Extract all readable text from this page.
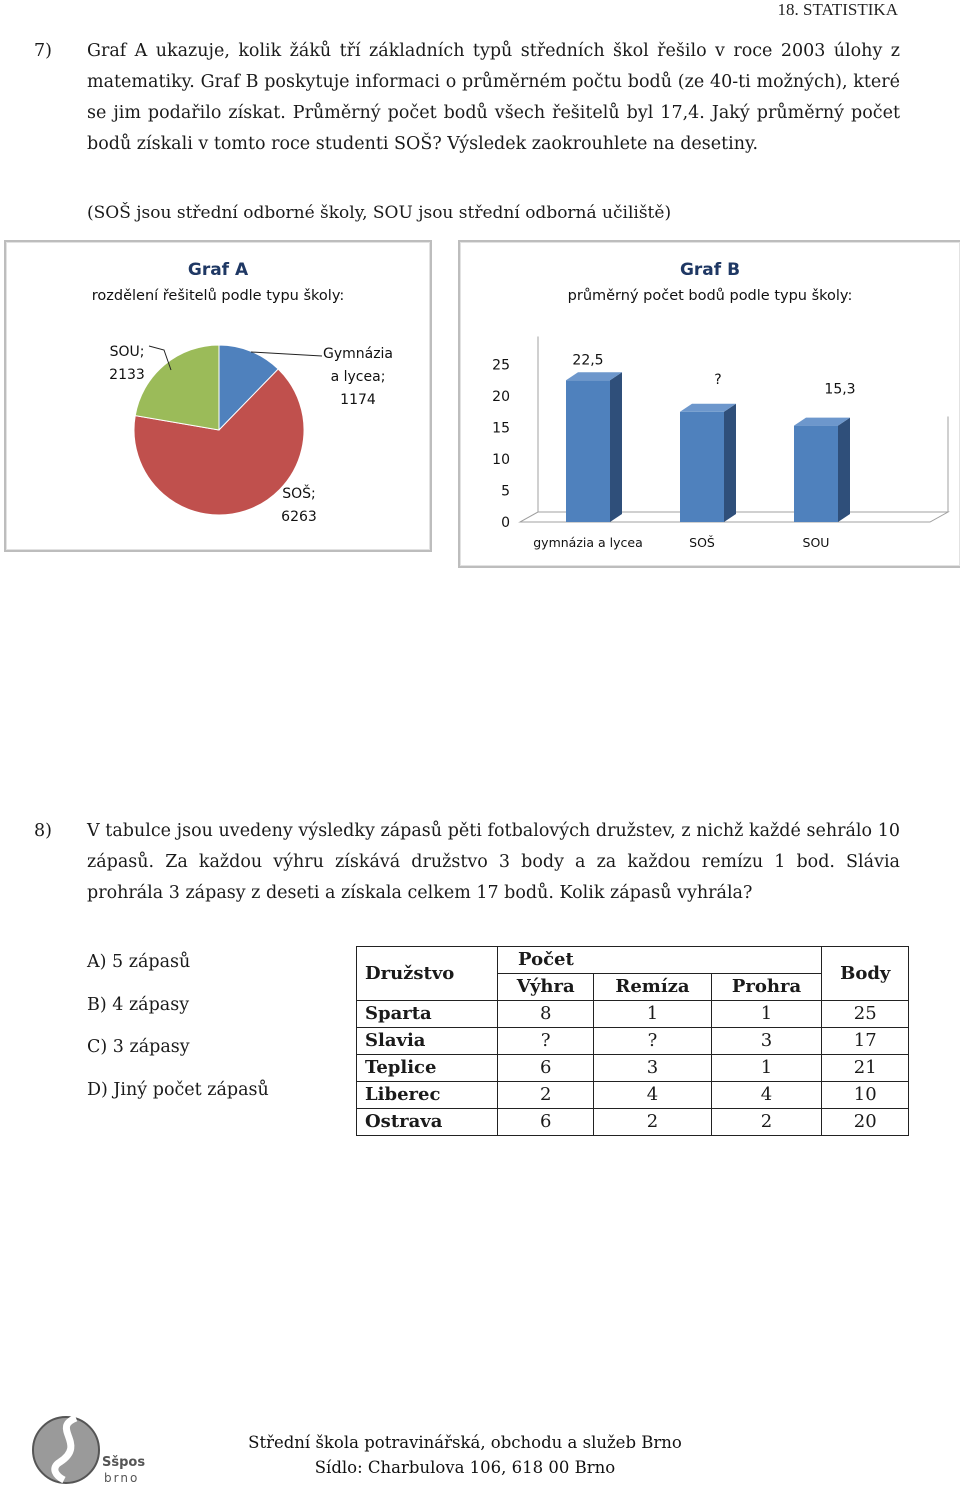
18. STATISTIKA
7) Graf A ukazuje, kolik žáků tří základních typů středních škol řešilo v roce 2003 úlohy z matematiky. Graf B poskytuje informaci o průměrném počtu bodů (ze 40-ti možných), které se jim podařilo získat. Průměrný počet bodů všech řešitelů byl 17,4. Jaký průměrný počet bodů získali v tomto roce studenti SOŠ? Výsledek zaokrouhlete na desetiny.
(SOŠ jsou střední odborné školy, SOU jsou střední odborná učiliště)
Graf A
rozdělení řešitelů podle typu školy:
Gymnázia a lycea; 1174
SOŠ; 6263
SOU; 2133
Graf B
průměrný počet bodů podle typu školy:
0
5
10
15
20
25	22,5
gymnázia a lycea
?
SOŠ
15,3
SOU
8) V tabulce jsou uvedeny výsledky zápasů pěti fotbalových družstev, z nichž každé sehrálo 10 zápasů. Za každou výhru získává družstvo 3 body a za každou remízu 1 bod. Slávia prohrála 3 zápasy z deseti a získala celkem 17 bodů. Kolik zápasů vyhrála?
A) 5 zápasů
B) 4 zápasy
C) 3 zápasy
D) Jiný počet zápasů
Družstvo	Počet			Body
	Výhra	Remíza	Prohra	
Sparta	8	1	1	25
Slavia	?	?	3	17
Teplice	6	3	1	21
Liberec	2	4	4	10
Ostrava	6	2	2	20
Sšpos
brno
Střední škola potravinářská, obchodu a služeb Brno
Sídlo: Charbulova 106, 618 00 Brno
